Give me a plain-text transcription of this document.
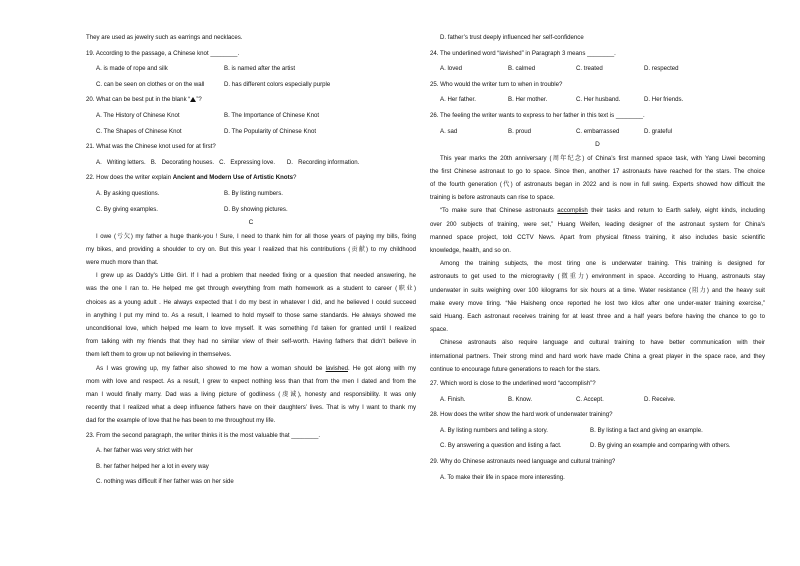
They are used as jewelry such as earrings and necklaces.
19. According to the passage, a Chinese knot ________.
A. is made of rope and silk	B. is named after the artist
C. can be seen on clothes or on the wall	D. has different colors especially purple
20. What can be best put in the blank “ ”?
A. The History of Chinese Knot	B. The Importance of Chinese Knot
C. The Shapes of Chinese Knot	D. The Popularity of Chinese Knot
21. What was the Chinese knot used for at first?
A.   Writing letters.   B.   Decorating houses.   C.   Expressing love.       D.   Recording information.
22. How does the writer explain Ancient and Modern Use of Artistic Knots?
A. By asking questions.	B. By listing numbers.
C. By giving examples.	D. By showing pictures.
C
I owe (亏欠) my father a huge thank-you ! Sure, I need to thank him for all those years of paying my bills, fixing
my bikes, and providing a shoulder to cry on. But this year I realized that his contributions (贡献) to my childhood
were much more than that.
I grew up as Daddy’s Little Girl. If I had a problem that needed fixing or a question that needed answering, he
was the one I ran to. He helped me get through everything from math homework as a student to career (职业)
choices as a young adult . He always expected that I do my best in whatever I did, and he believed I could succeed
in anything I put my mind to. As a result, I learned to hold myself to those same standards. He always showed me
unconditional love, which helped me learn to love myself. It was something I’d taken for granted until I realized
from talking with my friends that they had no similar view of their self-worth. Having fathers that didn’t believe in
them left them to grow up not believing in themselves.
As I was growing up, my father also showed to me how a woman should be lavished. He got along with my
mom with love and respect. As a result, I grew to expect nothing less than that from the men I dated and from the
man I would finally marry. Dad was a living picture of godliness (虔诚), honesty and responsibility. It was only
recently that I realized what a deep influence fathers have on their daughters’ lives. That is why I want to thank my
dad for the example of love that he has been to me throughout my life.
23. From the second paragraph, the writer thinks it is the most valuable that ________.
A. her father was very strict with her
B. her father helped her a lot in every way
C. nothing was difficult if her father was on her side
D. father’s trust deeply influenced her self-confidence
24. The underlined word “lavished” in Paragraph 3 means ________.
A. loved	B. calmed	C. treated	D. respected
25. Who would the writer turn to when in trouble?
A. Her father.	B. Her mother.	C. Her husband.	D. Her friends.
26. The feeling the writer wants to express to her father in this text is ________.
A. sad	B. proud	C. embarrassed	D. grateful
D
This year marks the 20th anniversary (周年纪念) of China’s first manned space task, with Yang Liwei becoming
the first Chinese astronaut to go to space. Since then, another 17 astronauts have reached for the stars. The choice
of the fourth generation (代) of astronauts began in 2022 and is now in full swing. Experts showed how difficult the
training is before astronauts can rise to space.
“To make sure that Chinese astronauts accomplish their tasks and return to Earth safely, eight kinds, including
over 200 subjects of training, were set,” Huang Weifen, leading designer of the astronaut system for China's
manned space project, told CCTV News. Apart from physical fitness training, it also includes basic scientific
knowledge, health, and so on.
Among the training subjects, the most tiring one is underwater training. This training is designed for
astronauts to get used to the microgravity (微重力) environment in space. According to Huang, astronauts stay
underwater in suits weighing over 100 kilograms for six hours at a time. Water resistance (阻力) and the heavy suit
make every move tiring. “Nie Haisheng once reported he lost two kilos after one under-water training exercise,”
said Huang. Each astronaut receives training for at least three and a half years before having the chance to go to
space.
Chinese astronauts also require language and cultural training to have better communication with their
international partners. Their strong mind and hard work have made China a great player in the space race, and they
continue to encourage future generations to reach for the stars.
27. Which word is close to the underlined word “accomplish”?
A. Finish.	B. Know.	C. Accept.	D. Receive.
28. How does the writer show the hard work of underwater training?
A. By listing numbers and telling a story.	B. By listing a fact and giving an example.
C. By answering a question and listing a fact.	D. By giving an example and comparing with others.
29. Why do Chinese astronauts need language and cultural training?
A. To make their life in space more interesting.
